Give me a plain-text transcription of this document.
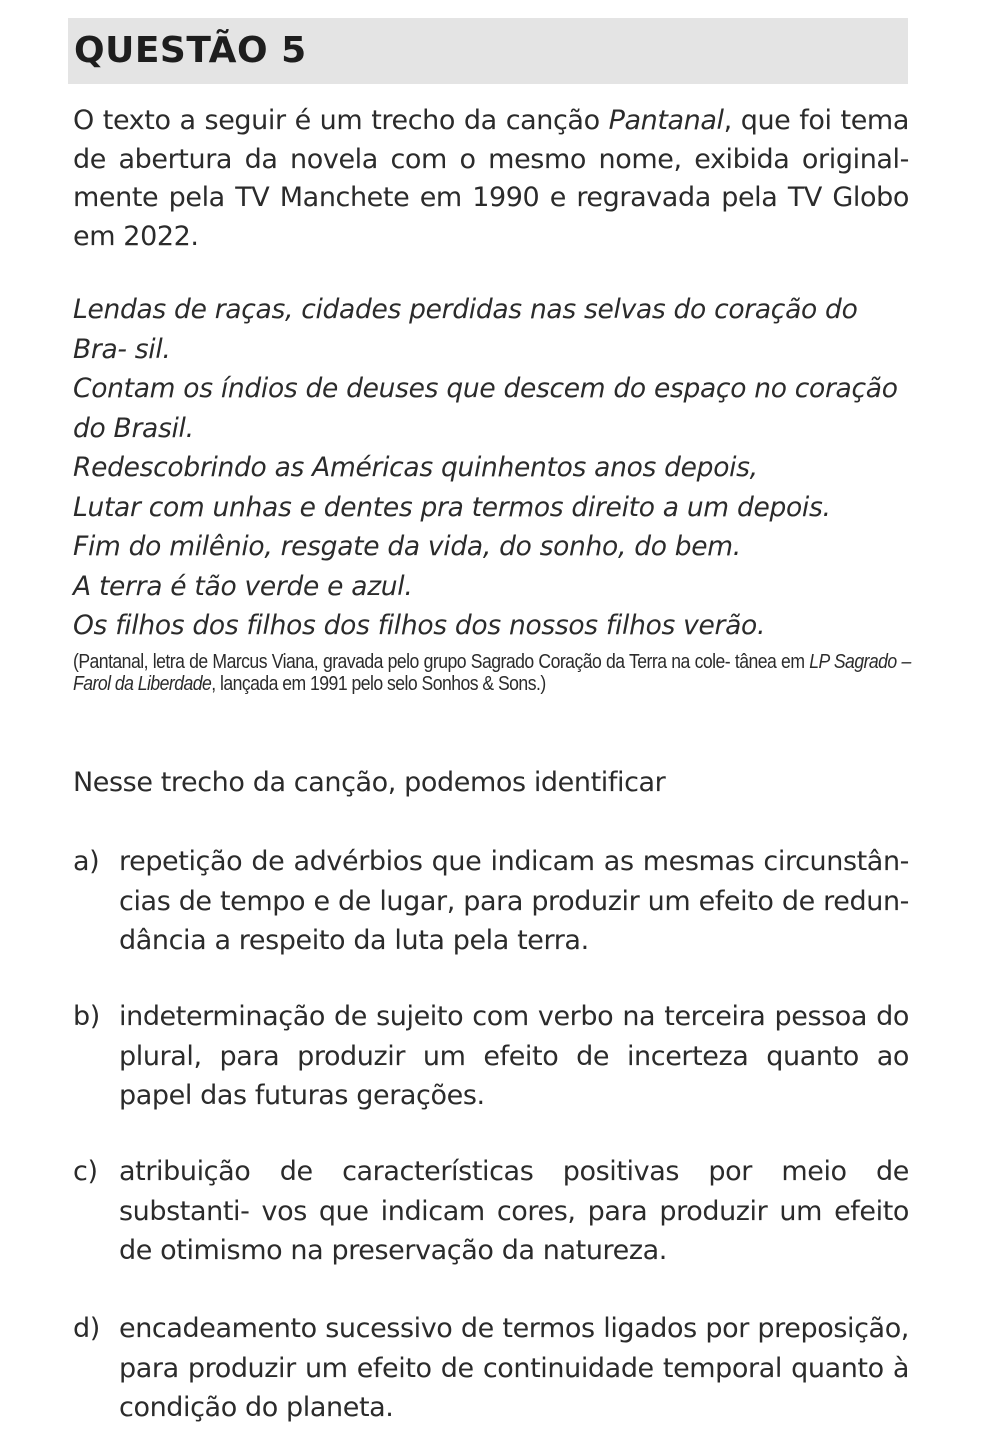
QUESTÃO 5
O texto a seguir é um trecho da canção Pantanal, que foi tema de abertura da novela com o mesmo nome, exibida original- mente pela TV Manchete em 1990 e regravada pela TV Globo em 2022.
Lendas de raças, cidades perdidas nas selvas do coração do Bra- sil.
Contam os índios de deuses que descem do espaço no coração do Brasil.
Redescobrindo as Américas quinhentos anos depois,
Lutar com unhas e dentes pra termos direito a um depois.
Fim do milênio, resgate da vida, do sonho, do bem.
A terra é tão verde e azul.
Os filhos dos filhos dos filhos dos nossos filhos verão.
(Pantanal, letra de Marcus Viana, gravada pelo grupo Sagrado Coração da Terra na cole- tânea em LP Sagrado – Farol da Liberdade, lançada em 1991 pelo selo Sonhos & Sons.)
Nesse trecho da canção, podemos identificar
a) repetição de advérbios que indicam as mesmas circunstân- cias de tempo e de lugar, para produzir um efeito de redun- dância a respeito da luta pela terra.
b) indeterminação de sujeito com verbo na terceira pessoa do plural, para produzir um efeito de incerteza quanto ao papel das futuras gerações.
c) atribuição de características positivas por meio de substanti- vos que indicam cores, para produzir um efeito de otimismo na preservação da natureza.
d) encadeamento sucessivo de termos ligados por preposição, para produzir um efeito de continuidade temporal quanto à condição do planeta.
